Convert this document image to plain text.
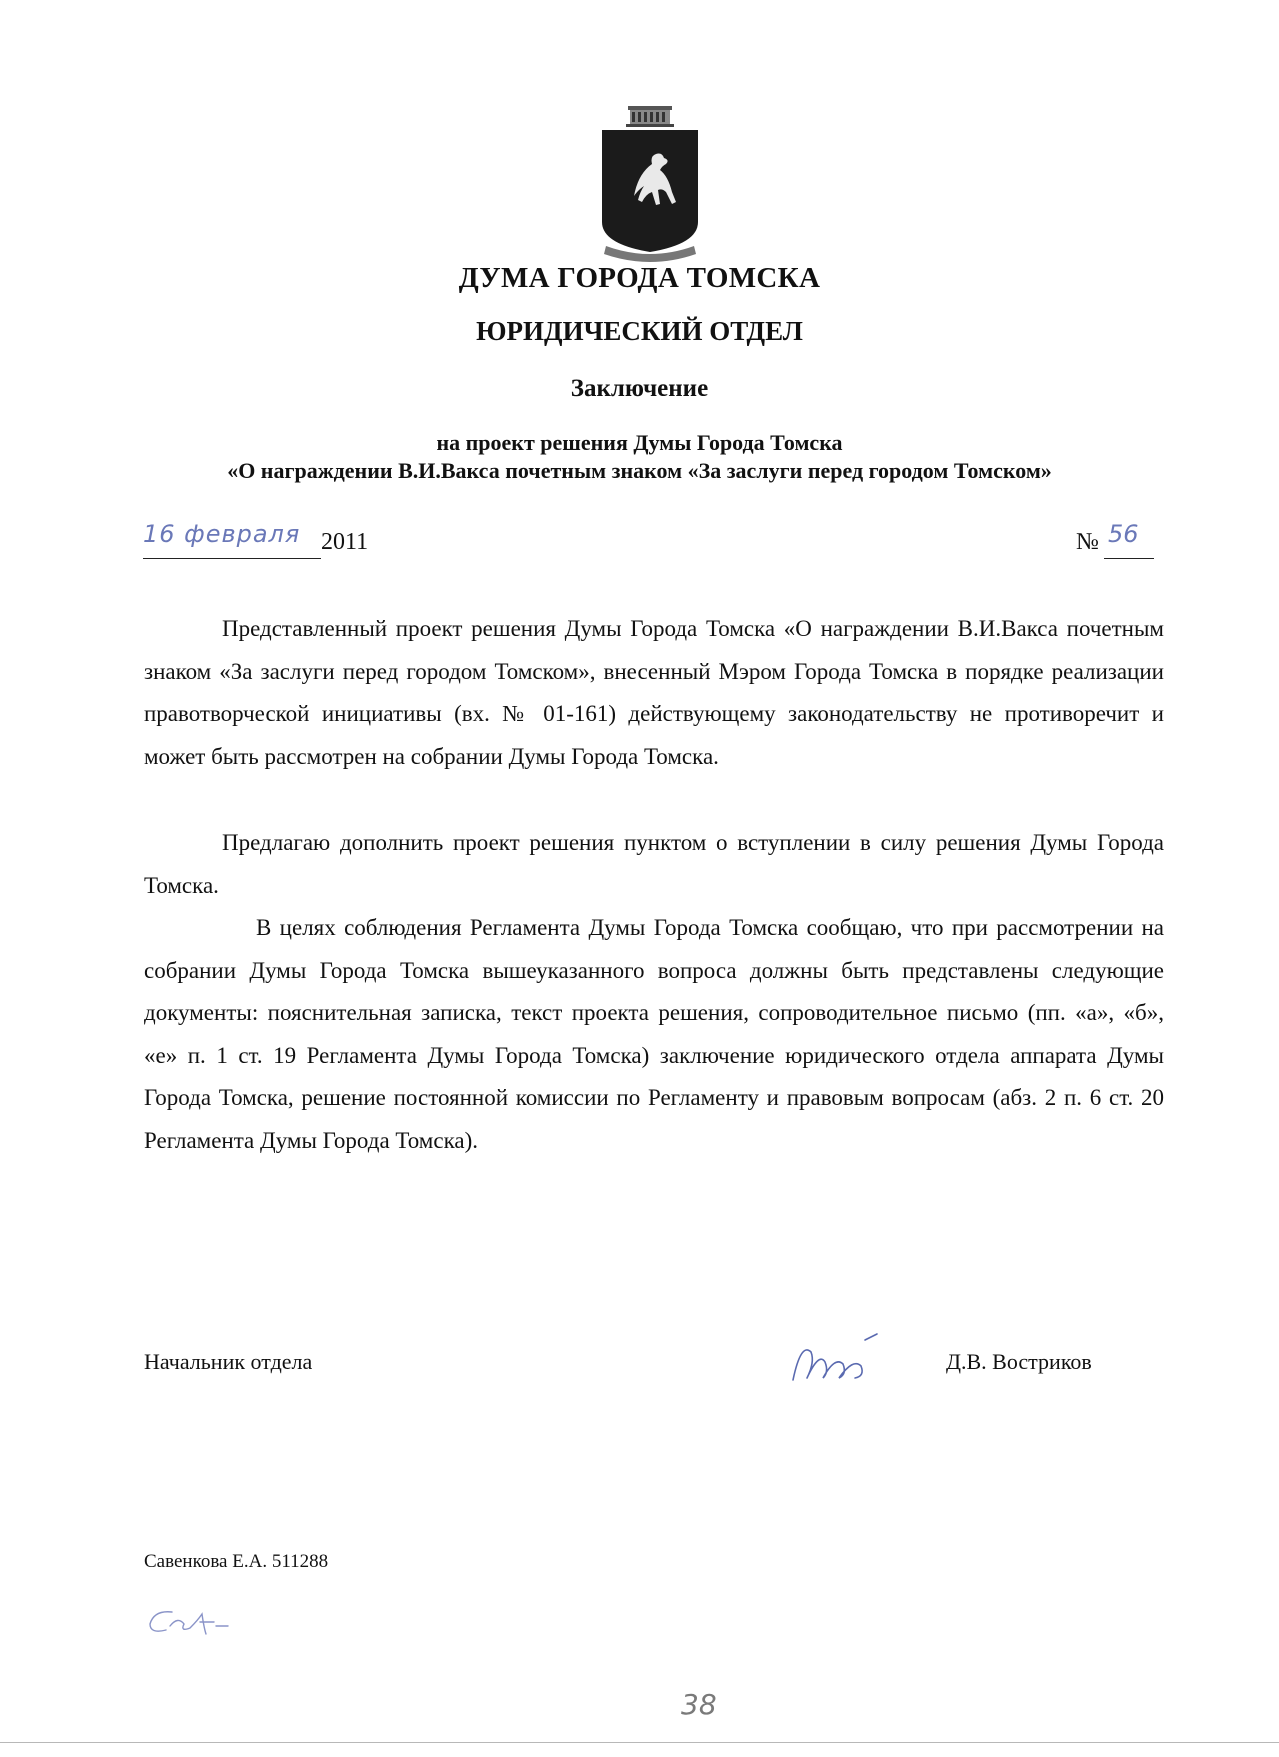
ДУМА ГОРОДА ТОМСКА
ЮРИДИЧЕСКИЙ ОТДЕЛ
Заключение
на проект решения Думы Города Томска
«О награждении В.И.Вакса почетным знаком «За заслуги перед городом Томском»
16 февраля 2011	№ 56
Представленный проект решения Думы Города Томска «О награждении В.И.Вакса почетным знаком «За заслуги перед городом Томском», внесенный Мэром Города Томска в порядке реализации правотворческой инициативы (вх. № 01-161) действующему законодательству не противоречит и может быть рассмотрен на собрании Думы Города Томска.
Предлагаю дополнить проект решения пунктом о вступлении в силу решения Думы Города Томска.
В целях соблюдения Регламента Думы Города Томска сообщаю, что при рассмотрении на собрании Думы Города Томска вышеуказанного вопроса должны быть представлены следующие документы: пояснительная записка, текст проекта решения, сопроводительное письмо (пп. «а», «б», «е» п. 1 ст. 19 Регламента Думы Города Томска) заключение юридического отдела аппарата Думы Города Томска, решение постоянной комиссии по Регламенту и правовым вопросам (абз. 2 п. 6 ст. 20 Регламента Думы Города Томска).
Начальник отдела	Д.В. Востриков
Савенкова Е.А. 511288
38
